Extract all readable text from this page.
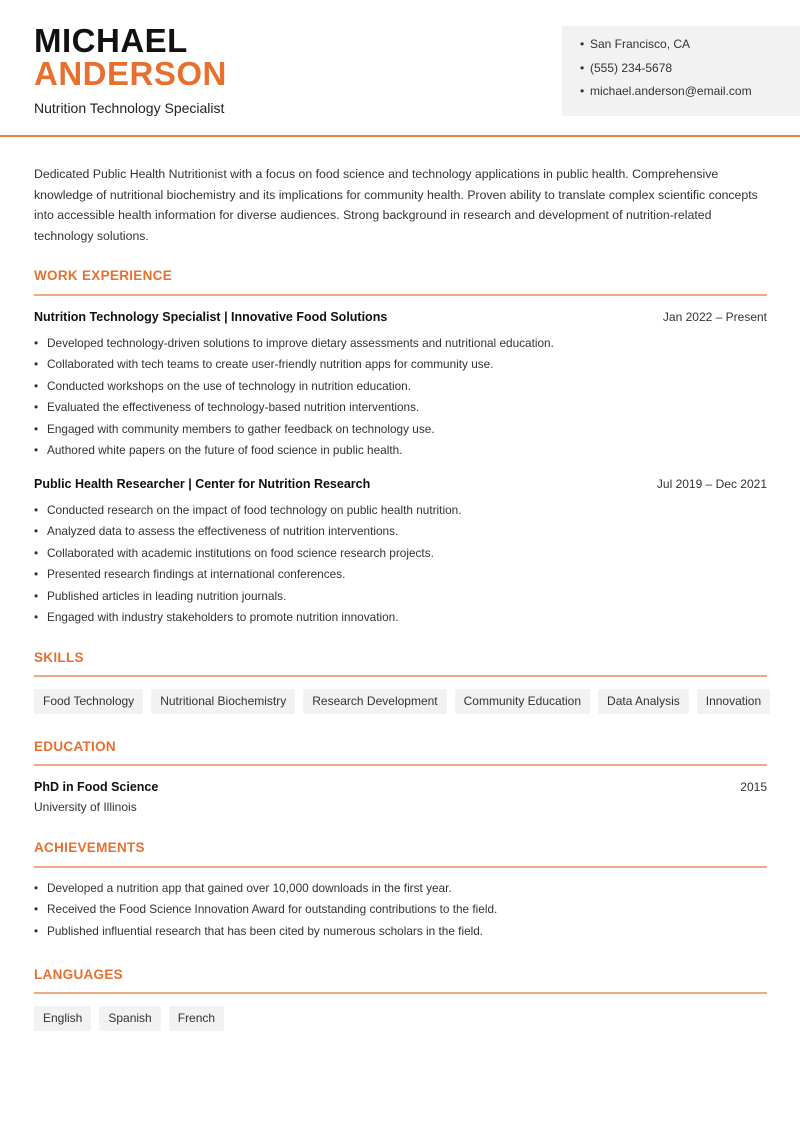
MICHAEL
ANDERSON
Nutrition Technology Specialist
• San Francisco, CA
• (555) 234-5678
• michael.anderson@email.com
Dedicated Public Health Nutritionist with a focus on food science and technology applications in public health. Comprehensive knowledge of nutritional biochemistry and its implications for community health. Proven ability to translate complex scientific concepts into accessible health information for diverse audiences. Strong background in research and development of nutrition-related technology solutions.
WORK EXPERIENCE
Nutrition Technology Specialist | Innovative Food Solutions	Jan 2022 – Present
• Developed technology-driven solutions to improve dietary assessments and nutritional education.
• Collaborated with tech teams to create user-friendly nutrition apps for community use.
• Conducted workshops on the use of technology in nutrition education.
• Evaluated the effectiveness of technology-based nutrition interventions.
• Engaged with community members to gather feedback on technology use.
• Authored white papers on the future of food science in public health.
Public Health Researcher | Center for Nutrition Research	Jul 2019 – Dec 2021
• Conducted research on the impact of food technology on public health nutrition.
• Analyzed data to assess the effectiveness of nutrition interventions.
• Collaborated with academic institutions on food science research projects.
• Presented research findings at international conferences.
• Published articles in leading nutrition journals.
• Engaged with industry stakeholders to promote nutrition innovation.
SKILLS
Food Technology	Nutritional Biochemistry	Research Development	Community Education	Data Analysis	Innovation
EDUCATION
PhD in Food Science	2015
University of Illinois
ACHIEVEMENTS
• Developed a nutrition app that gained over 10,000 downloads in the first year.
• Received the Food Science Innovation Award for outstanding contributions to the field.
• Published influential research that has been cited by numerous scholars in the field.
LANGUAGES
English	Spanish	French
